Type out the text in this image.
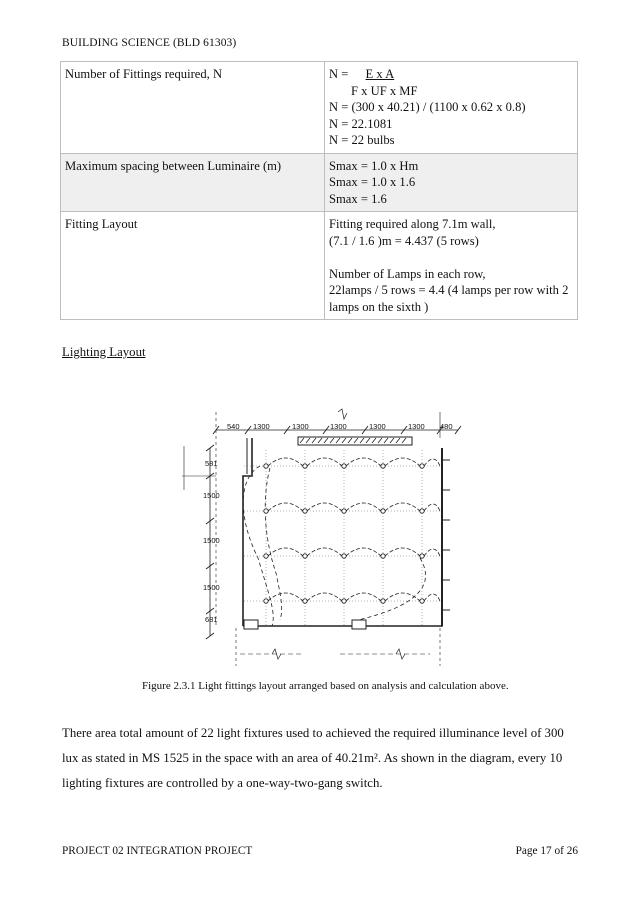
BUILDING SCIENCE (BLD 61303)
Number of Fittings required, N	N = E x A
F x UF x MF
N = (300 x 40.21) / (1100 x 0.62 x 0.8)
N = 22.1081
N = 22 bulbs

Maximum spacing between Luminaire (m)	Smax = 1.0 x Hm
Smax = 1.0 x 1.6
Smax = 1.6

Fitting Layout	Fitting required along 7.1m wall,
(7.1 / 1.6 )m = 4.437 (5 rows)
Number of Lamps in each row,
22lamps / 5 rows = 4.4 (4 lamps per row with 2
lamps on the sixth )
Lighting Layout
540 1300	1300	1300	1300	1300 480
581
1500
1500
1500
681
Figure 2.3.1 Light fittings layout arranged based on analysis and calculation above.
There area total amount of 22 light fixtures used to achieved the required illuminance level of 300 lux as stated in MS 1525 in the space with an area of 40.21m². As shown in the diagram, every 10 lighting fixtures are controlled by a one-way-two-gang switch.
PROJECT 02 INTEGRATION PROJECT	Page 17 of 26
